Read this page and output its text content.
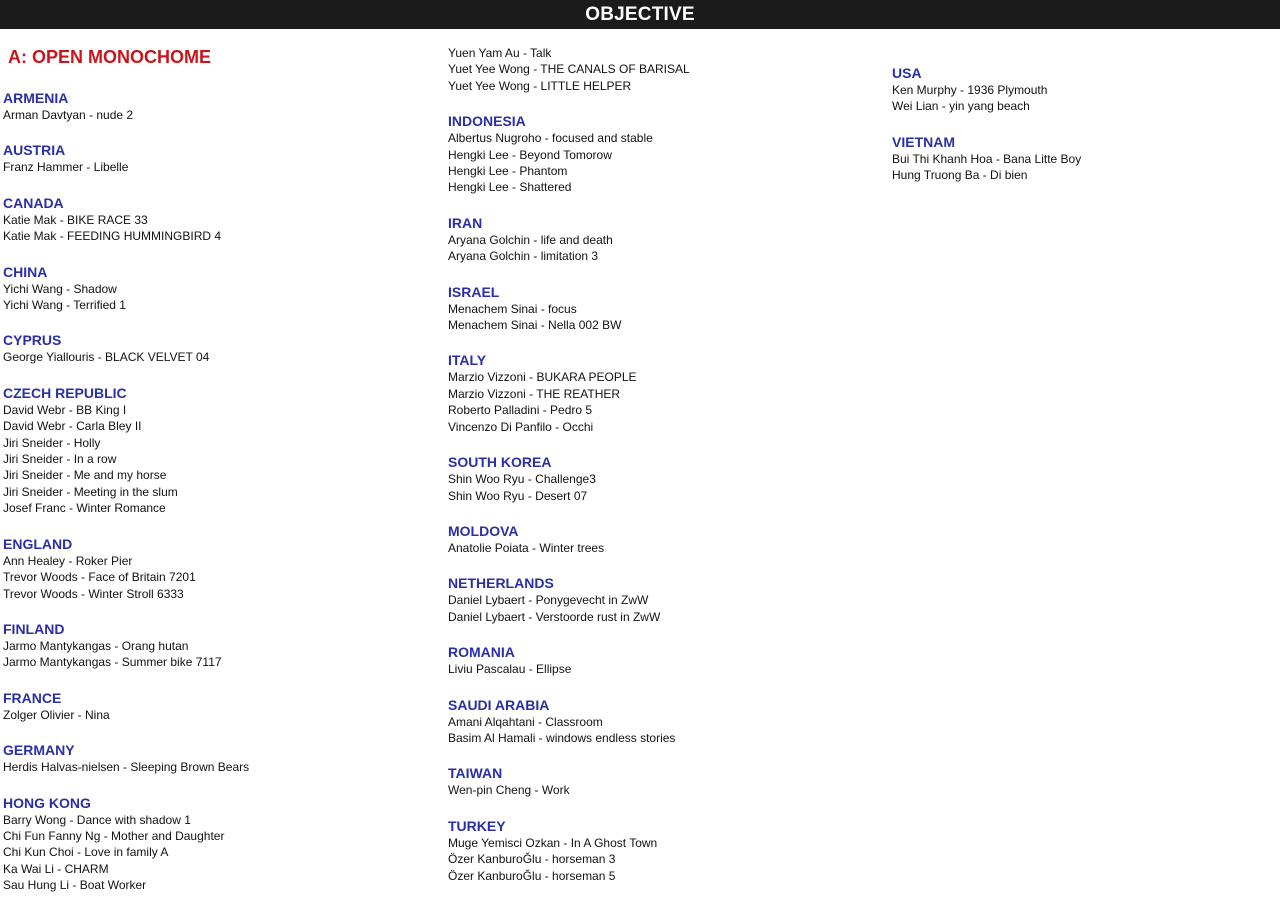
OBJECTIVE
A: OPEN MONOCHOME
ARMENIA
Arman Davtyan - nude 2
AUSTRIA
Franz Hammer - Libelle
CANADA
Katie Mak - BIKE RACE 33
Katie Mak - FEEDING HUMMINGBIRD 4
CHINA
Yichi Wang - Shadow
Yichi Wang - Terrified 1
CYPRUS
George Yiallouris - BLACK VELVET 04
CZECH REPUBLIC
David Webr - BB King I
David Webr - Carla Bley II
Jiri Sneider - Holly
Jiri Sneider - In a row
Jiri Sneider - Me and my horse
Jiri Sneider - Meeting in the slum
Josef Franc - Winter Romance
ENGLAND
Ann Healey - Roker Pier
Trevor Woods - Face of Britain 7201
Trevor Woods - Winter Stroll 6333
FINLAND
Jarmo Mantykangas - Orang hutan
Jarmo Mantykangas - Summer bike 7117
FRANCE
Zolger Olivier - Nina
GERMANY
Herdis Halvas-nielsen - Sleeping Brown Bears
HONG KONG
Barry Wong - Dance with shadow 1
Chi Fun Fanny Ng - Mother and Daughter
Chi Kun Choi - Love in family A
Ka Wai Li - CHARM
Sau Hung Li - Boat Worker
Yuen Yam Au - Talk
Yuet Yee Wong - THE CANALS OF BARISAL
Yuet Yee Wong - LITTLE HELPER
INDONESIA
Albertus Nugroho - focused and stable
Hengki Lee - Beyond Tomorow
Hengki Lee - Phantom
Hengki Lee - Shattered
IRAN
Aryana Golchin - life and death
Aryana Golchin - limitation 3
ISRAEL
Menachem Sinai - focus
Menachem Sinai - Nella 002 BW
ITALY
Marzio Vizzoni - BUKARA PEOPLE
Marzio Vizzoni - THE REATHER
Roberto Palladini - Pedro 5
Vincenzo Di Panfilo - Occhi
SOUTH KOREA
Shin Woo Ryu - Challenge3
Shin Woo Ryu - Desert 07
MOLDOVA
Anatolie Poiata - Winter trees
NETHERLANDS
Daniel Lybaert - Ponygevecht in ZwW
Daniel Lybaert - Verstoorde rust in ZwW
ROMANIA
Liviu Pascalau - Ellipse
SAUDI ARABIA
Amani Alqahtani - Classroom
Basim Al Hamali - windows endless stories
TAIWAN
Wen-pin Cheng - Work
TURKEY
Muge Yemisci Ozkan - In A Ghost Town
Özer KanburoĞlu - horseman 3
Özer KanburoĞlu - horseman 5
USA
Ken Murphy - 1936 Plymouth
Wei Lian - yin yang beach
VIETNAM
Bui Thi Khanh Hoa - Bana Litte Boy
Hung Truong Ba - Di bien
